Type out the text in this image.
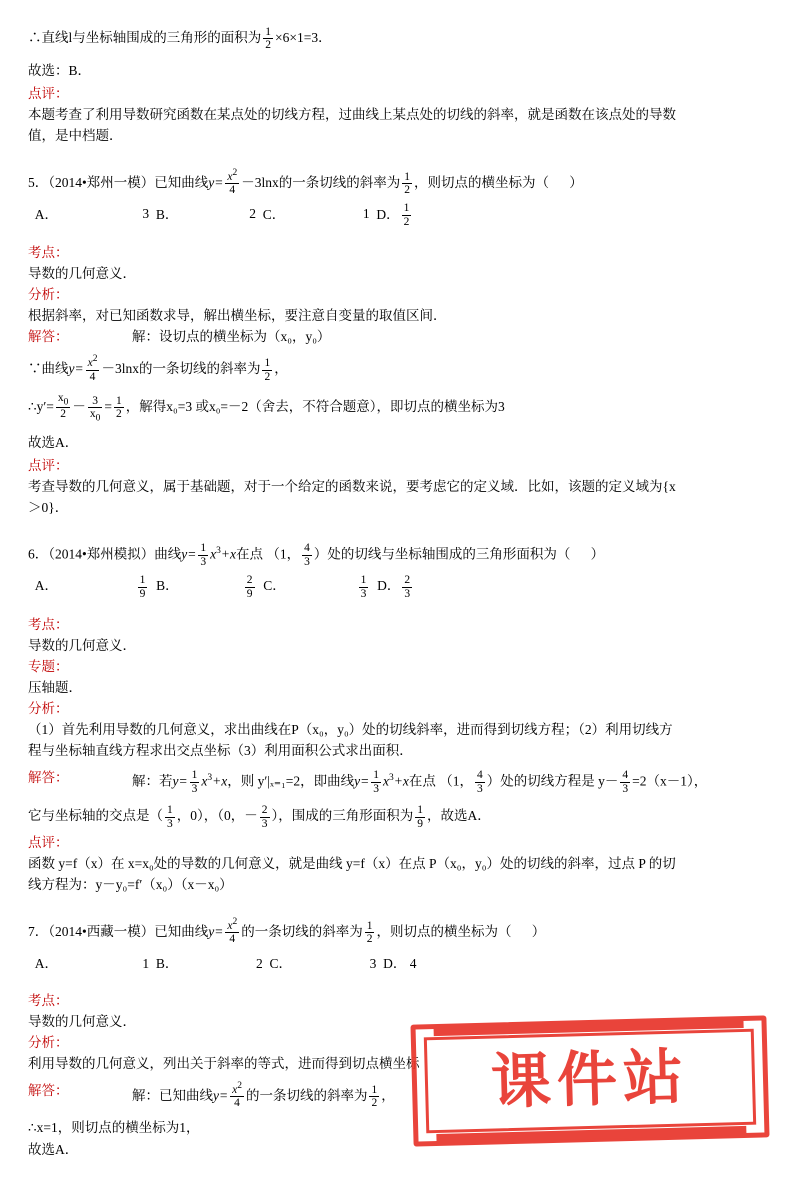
∴直线l与坐标轴围成的三角形的面积为 $\frac{1}{2} \times 6\times 1=3$．

故选：B．

点评：本题考查了利用导数研究函数在某点处的切线方程，过曲线上某点处的切线的斜率，就是函数在该点处的导数值，是中档题．

5．（2014•郑州一模）已知曲线$y= \frac{x^2}{4} -3\ln x$的一条切线的斜率为 $\frac{1}{2}$ ，则切点的横坐标为（ ）

A．	3 B．	2 C．	1 D． $\frac{1}{2}$

考点：导数的几何意义．

分析：根据斜率，对已知函数求导，解出横坐标，要注意自变量的取值区间．

解答：	解：设切点的横坐标为（x₀，y₀）

∵曲线$y= \frac{x^2}{4} -3\ln x$的一条切线的斜率为 $\frac{1}{2}$ ，

∴y′= $\frac{x_0}{2} - \frac{3}{x_0} = \frac{1}{2}$ ，解得x₀=3 或x₀=－2（舍去，不符合题意），即切点的横坐标为3

故选A．

点评：考查导数的几何意义，属于基础题，对于一个给定的函数来说，要考虑它的定义域．比如，该题的定义域为{x＞0}．

6．（2014•郑州模拟）曲线$y= \frac{1}{3} x^3+x$在点 （1， $\frac{4}{3}$ ）处的切线与坐标轴围成的三角形面积为（ ）

A．	$\frac{1}{9}$ B．	$\frac{2}{9}$ C．	$\frac{1}{3}$ D． $\frac{2}{3}$

考点：导数的几何意义．

专题：压轴题．

分析：（1）首先利用导数的几何意义，求出曲线在P（x₀，y₀）处的切线斜率，进而得到切线方程；（2）利用切线方程与坐标轴直线方程求出交点坐标（3）利用面积公式求出面积．

解答：	解：若$y= \frac{1}{3} x^3+x$，则 y′|ₓ₌₁=2，即曲线$y= \frac{1}{3} x^3+x$在点 （1， $\frac{4}{3}$ ）处的切线方程是 $y- \frac{4}{3} =2(x-1)$，

它与坐标轴的交点是（ $\frac{1}{3}$ ，0），（0，－ $\frac{2}{3}$ ），围成的三角形面积为 $\frac{1}{9}$ ，故选A．

点评：函数 y=f（x）在 x=x₀处的导数的几何意义，就是曲线 y=f（x）在点 P（x₀，y₀）处的切线的斜率，过点 P 的切线方程为：y－y₀=f′（x₀）（x－x₀）

7．（2014•西藏一模）已知曲线$y= \frac{x^2}{4}$ 的一条切线的斜率为 $\frac{1}{2}$ ，则切点的横坐标为（ ）

A．	1 B．	2 C．	3 D． 4

考点：导数的几何意义．

分析：利用导数的几何意义，列出关于斜率的等式，进而得到切点横坐标

解答：	解：已知曲线$y= \frac{x^2}{4}$ 的一条切线的斜率为 $\frac{1}{2}$ ，

∴x=1，则切点的横坐标为1，

故选A．

课件站
